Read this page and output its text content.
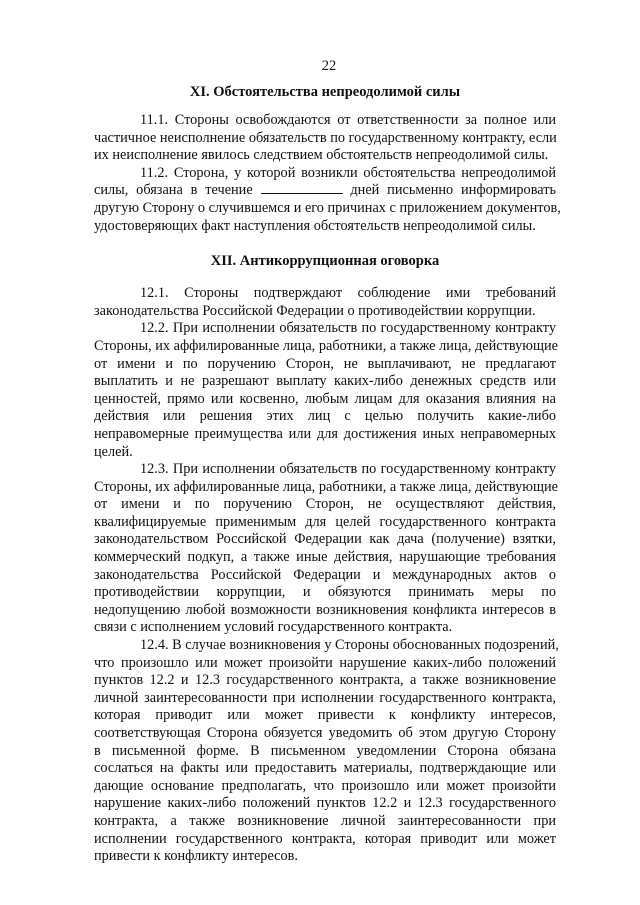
22
XI. Обстоятельства непреодолимой силы
11.1. Стороны освобождаются от ответственности за полное или
частичное неисполнение обязательств по государственному контракту, если
их неисполнение явилось следствием обстоятельств непреодолимой силы.
11.2. Сторона, у которой возникли обстоятельства непреодолимой
силы, обязана в течение	дней письменно информировать
другую Сторону о случившемся и его причинах с приложением документов,
удостоверяющих факт наступления обстоятельств непреодолимой силы.
XII. Антикоррупционная оговорка
12.1. Стороны подтверждают соблюдение ими требований
законодательства Российской Федерации о противодействии коррупции.
12.2. При исполнении обязательств по государственному контракту
Стороны, их аффилированные лица, работники, а также лица, действующие
от имени и по поручению Сторон, не выплачивают, не предлагают
выплатить и не разрешают выплату каких-либо денежных средств или
ценностей, прямо или косвенно, любым лицам для оказания влияния на
действия или решения этих лиц с целью получить какие-либо
неправомерные преимущества или для достижения иных неправомерных
целей.
12.3. При исполнении обязательств по государственному контракту
Стороны, их аффилированные лица, работники, а также лица, действующие
от имени и по поручению Сторон, не осуществляют действия,
квалифицируемые применимым для целей государственного контракта
законодательством Российской Федерации как дача (получение) взятки,
коммерческий подкуп, а также иные действия, нарушающие требования
законодательства Российской Федерации и международных актов о
противодействии коррупции, и обязуются принимать меры по
недопущению любой возможности возникновения конфликта интересов в
связи с исполнением условий государственного контракта.
12.4. В случае возникновения у Стороны обоснованных подозрений,
что произошло или может произойти нарушение каких-либо положений
пунктов 12.2 и 12.3 государственного контракта, а также возникновение
личной заинтересованности при исполнении государственного контракта,
которая приводит или может привести к конфликту интересов,
соответствующая Сторона обязуется уведомить об этом другую Сторону
в письменной форме. В письменном уведомлении Сторона обязана
сослаться на факты или предоставить материалы, подтверждающие или
дающие основание предполагать, что произошло или может произойти
нарушение каких-либо положений пунктов 12.2 и 12.3 государственного
контракта, а также возникновение личной заинтересованности при
исполнении государственного контракта, которая приводит или может
привести к конфликту интересов.
